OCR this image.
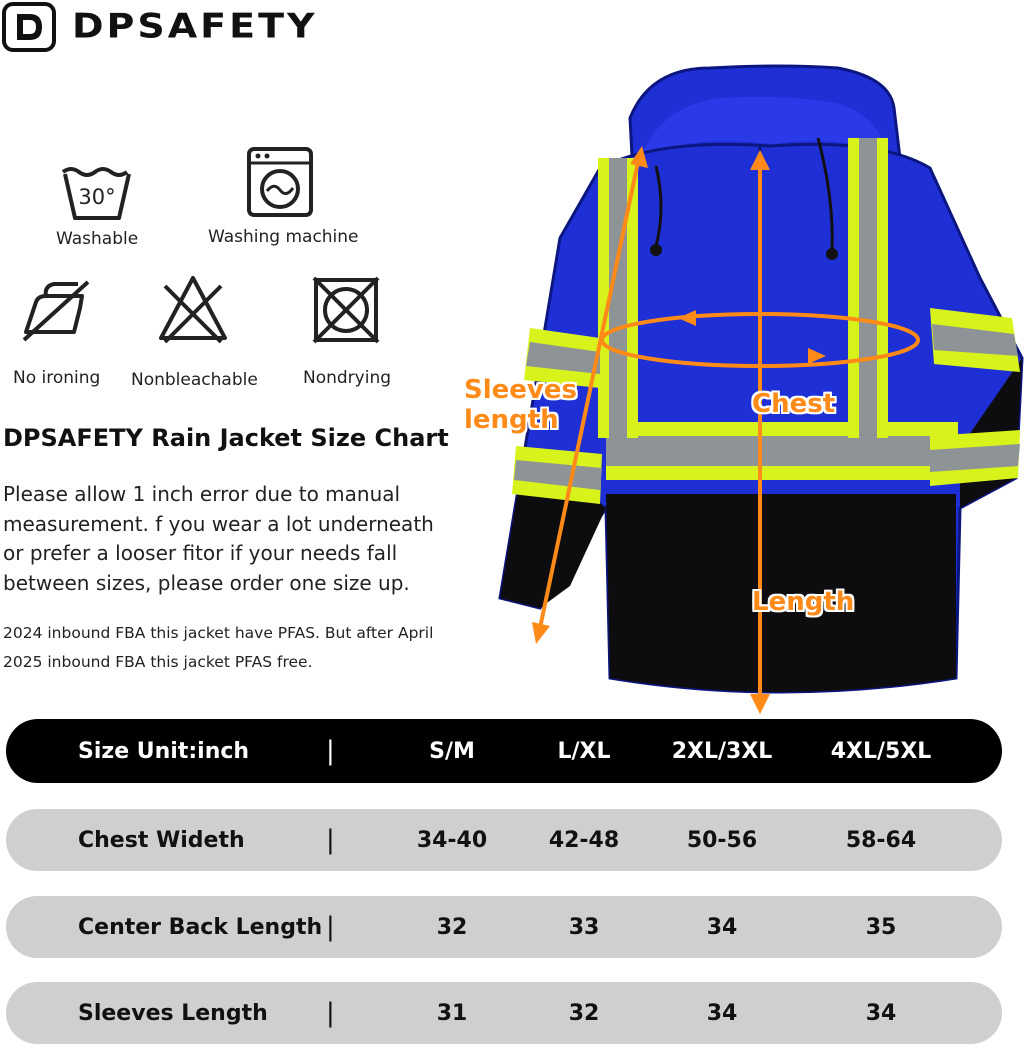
DPSAFETY
30°
Washable	Washing machine
No ironing Nonbleachable	Nondrying
DPSAFETY Rain Jacket Size Chart
Please allow 1 inch error due to manual measurement. f you wear a lot underneath or prefer a looser fitor if your needs fall between sizes, please order one size up.
2024 inbound FBA this jacket have PFAS. But after April 2025 inbound FBA this jacket PFAS free.
Sleeves
length
Chest
Length
Size Unit:inch	|	S/M	L/XL	2XL/3XL	4XL/5XL
Chest Wideth	|	34-40	42-48	50-56	58-64
Center Back Length |	32	33	34	35
Sleeves Length |	31	32	34	34
